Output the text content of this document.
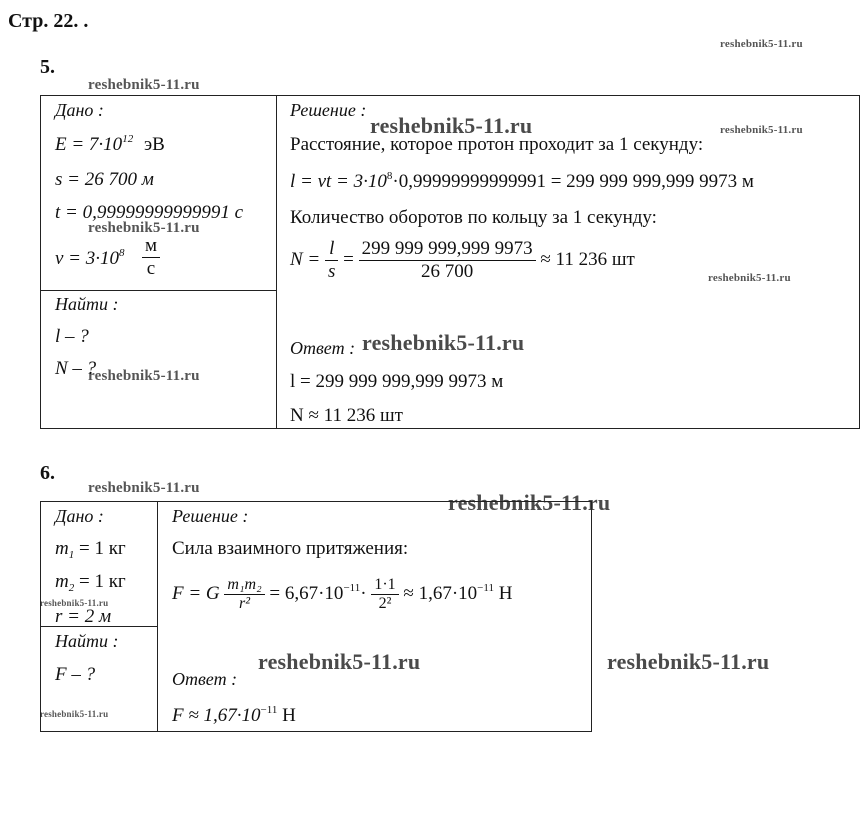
Стр. 22. .
reshebnik5-11.ru
reshebnik5-11.ru
reshebnik5-11.ru	reshebnik5-11.ru
reshebnik5-11.ru
reshebnik5-11.ru
reshebnik5-11.ru
reshebnik5-11.ru
reshebnik5-11.ru
reshebnik5-11.ru
reshebnik5-11.ru
reshebnik5-11.ru	reshebnik5-11.ru
reshebnik5-11.ru
5.
Дано :
$E = 7\cdot 10^{12}$ эВ
s = 26 700 м
t = 0,99999999999991 с
$v = 3\cdot 10^8 \frac{м}{с}$
Найти :
l – ?
N – ?
Решение :
Расстояние, которое протон проходит за 1 секунду:
l = vt = $3\cdot 10^8\cdot 0,99999999999991 = 299$ 999 999,999 9973 м
Количество оборотов по кольцу за 1 секунду:
$N = \frac{l}{s} = \frac{299 999 999,999 9973}{26 700} \approx 11$ 236 шт
Ответ :
l = 299 999 999,999 9973 м
N ≈ 11 236 шт
6.
Дано :
$m_1 = 1$ кг
$m_2 = 1$ кг
r = 2 м
Найти :
F – ?
Решение :
Сила взаимного притяжения:
F = G $\frac{\text{m₁m₂}}{\text{r²}} = 6,67\cdot 10^{-11}\cdot \frac{1\cdot 1}{\text{2²}} \approx 1,67\cdot 10^{-11}$ Н
Ответ :
$F \approx 1,67\cdot 10^{-11}$ Н
